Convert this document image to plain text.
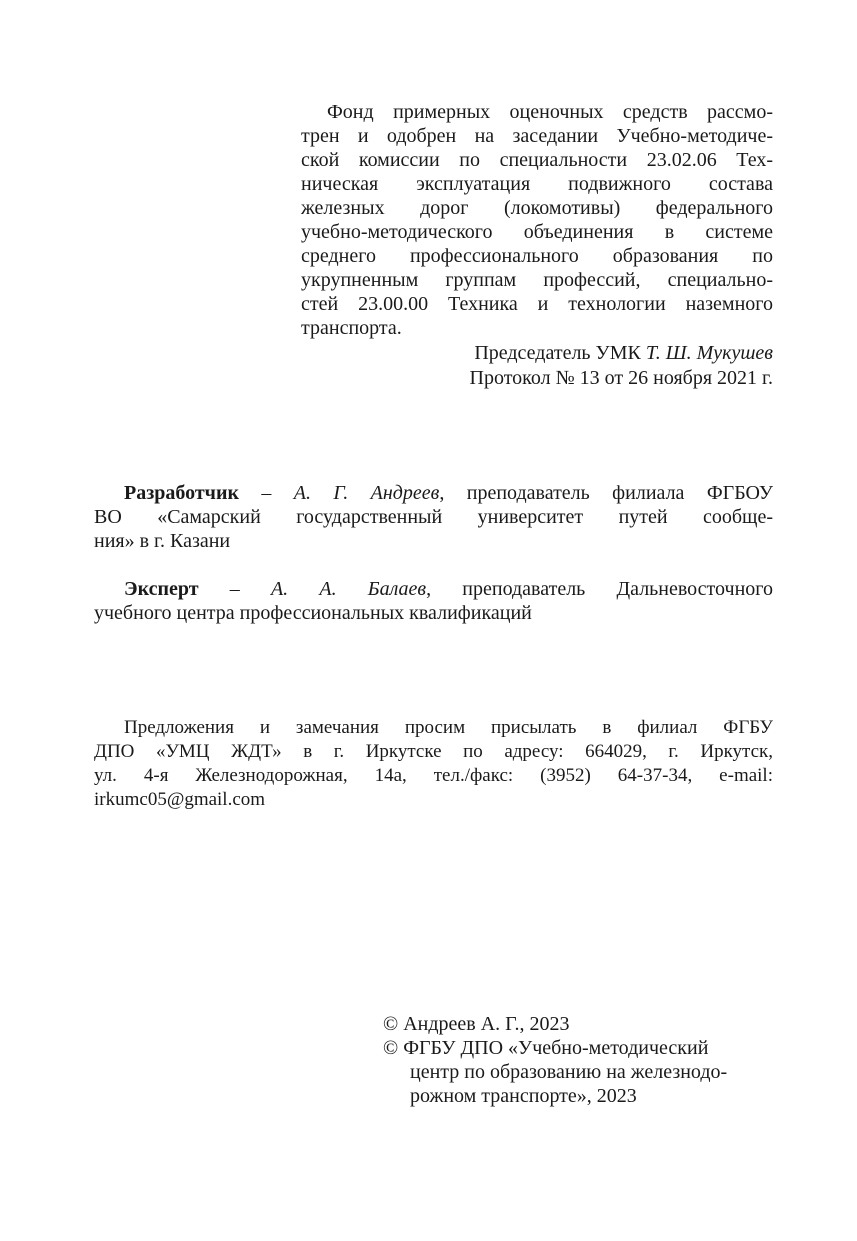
Фонд примерных оценочных средств рассмо-
трен и одобрен на заседании Учебно-методиче-
ской комиссии по специальности 23.02.06 Тех-
ническая эксплуатация подвижного состава
железных дорог (локомотивы) федерального
учебно-методического объединения в системе
среднего профессионального образования по
укрупненным группам профессий, специально-
стей 23.00.00 Техника и технологии наземного
транспорта.
Председатель УМК Т. Ш. Мукушев
Протокол № 13 от 26 ноября 2021 г.
Разработчик – А. Г. Андреев, преподаватель филиала ФГБОУ
ВО «Самарский государственный университет путей сообще-
ния» в г. Казани
Эксперт – А. А. Балаев, преподаватель Дальневосточного
учебного центра профессиональных квалификаций
Предложения и замечания просим присылать в филиал ФГБУ
ДПО «УМЦ ЖДТ» в г. Иркутске по адресу: 664029, г. Иркутск,
ул. 4-я Железнодорожная, 14а, тел./факс: (3952) 64-37-34, e-mail:
irkumc05@gmail.com
© Андреев А. Г., 2023
© ФГБУ ДПО «Учебно-методический
центр по образованию на железнодо-
рожном транспорте», 2023
